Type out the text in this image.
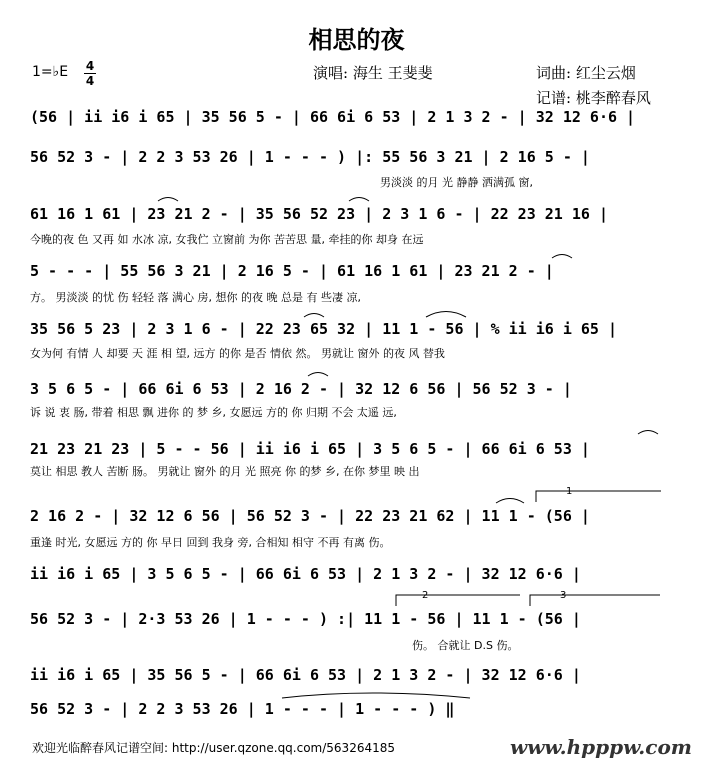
相思的夜
1=♭E 4
4	演唱: 海生 王斐斐	词曲: 红尘云烟
记谱: 桃李醉春风
(56 | ii i6 i 65 | 35 56 5 - | 66 6i 6 53 | 2 1 3 2 - | 32 12 6·6 |
56 52 3 - | 2 2 3 53 26 | 1 - - - ) |: 55 56 3 21 | 2 16 5 - |
男淡淡 的月 光 静静 洒满孤 窗,
61 16 1 61 | 23 21 2 - | 35 56 52 23 | 2 3 1 6 - | 22 23 21 16 |
今晚的夜 色 又再 如 水冰 凉, 女我伫 立窗前 为你 苦苦思 量, 牵挂的你 却身 在远
5 - - - | 55 56 3 21 | 2 16 5 - | 61 16 1 61 | 23 21 2 - |
方。 男淡淡 的忧 伤 轻轻 落 满心 房, 想你 的夜 晚 总是 有 些凄 凉,
35 56 5 23 | 2 3 1 6 - | 22 23 65 32 | 11 1 - 56 | % ii i6 i 65 |
女为何 有情 人 却要 天 涯 相 望, 远方 的你 是否 情依 然。 男就让 窗外 的夜 风 替我
3 5 6 5 - | 66 6i 6 53 | 2 16 2 - | 32 12 6 56 | 56 52 3 - |
诉 说 衷 肠, 带着 相思 飘 进你 的 梦 乡, 女愿远 方的 你 归期 不会 太遥 远,
21 23 21 23 | 5 - - 56 | ii i6 i 65 | 3 5 6 5 - | 66 6i 6 53 |
莫让 相思 教人 苦断 肠。 男就让 窗外 的月 光 照亮 你 的梦 乡, 在你 梦里 映 出
2 16 2 - | 32 12 6 56 | 56 52 3 - | 22 23 21 62 | 11 1 - (56 |
重逢 时光, 女愿远 方的 你 早日 回到 我身 旁, 合相知 相守 不再 有离 伤。
ii i6 i 65 | 3 5 6 5 - | 66 6i 6 53 | 2 1 3 2 - | 32 12 6·6 |
56 52 3 - | 2·3 53 26 | 1 - - - ) :| 11 1 - 56 | 11 1 - (56 |
伤。 合就让 D.S 伤。
ii i6 i 65 | 35 56 5 - | 66 6i 6 53 | 2 1 3 2 - | 32 12 6·6 |
56 52 3 - | 2 2 3 53 26 | 1 - - - | 1 - - - ) ‖
1
2	3
欢迎光临醉春风记谱空间: http://user.qzone.qq.com/563264185	www.hpppw.com
